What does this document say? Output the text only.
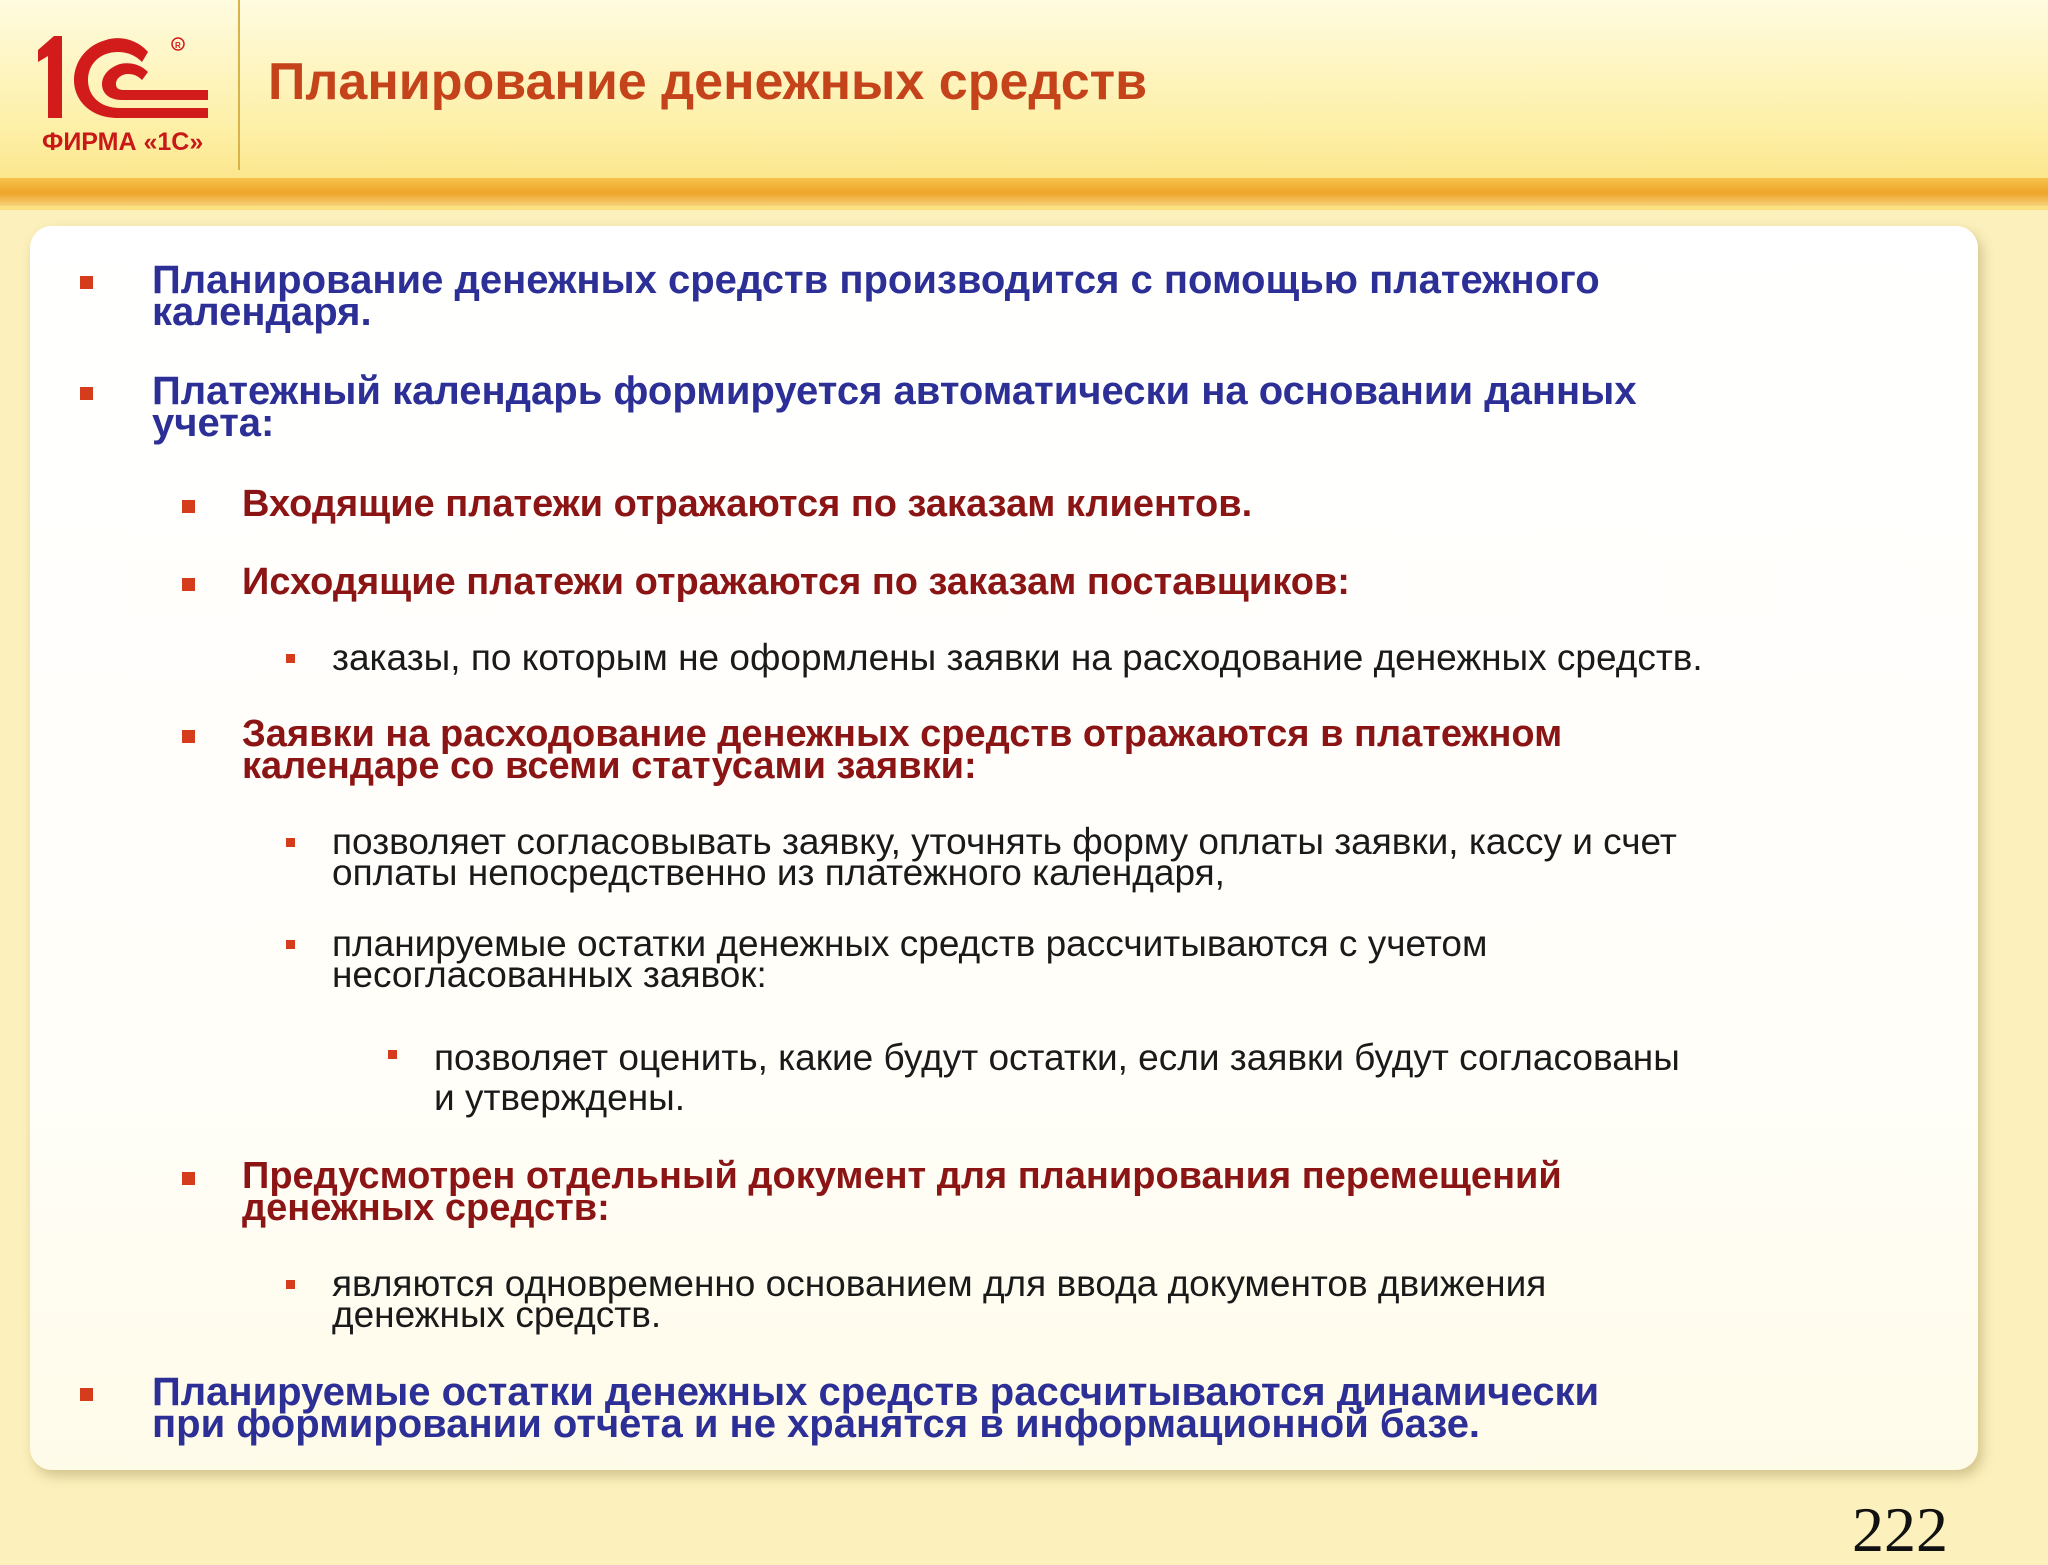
R
ФИРМА «1С»
Планирование денежных средств
Планирование денежных средств производится с помощью платежного
календаря.
Платежный календарь формируется автоматически на основании данных
учета:
Входящие платежи отражаются по заказам клиентов.
Исходящие платежи отражаются по заказам поставщиков:
заказы, по которым не оформлены заявки на расходование денежных средств.
Заявки на расходование денежных средств отражаются в платежном
календаре со всеми статусами заявки:
позволяет согласовывать заявку, уточнять форму оплаты заявки, кассу и счет
оплаты непосредственно из платежного календаря,
планируемые остатки денежных средств рассчитываются с учетом
несогласованных заявок:
позволяет оценить, какие будут остатки, если заявки будут согласованы
и утверждены.
Предусмотрен отдельный документ для планирования перемещений
денежных средств:
являются одновременно основанием для ввода документов движения
денежных средств.
Планируемые остатки денежных средств рассчитываются динамически
при формировании отчета и не хранятся в информационной базе.
222
